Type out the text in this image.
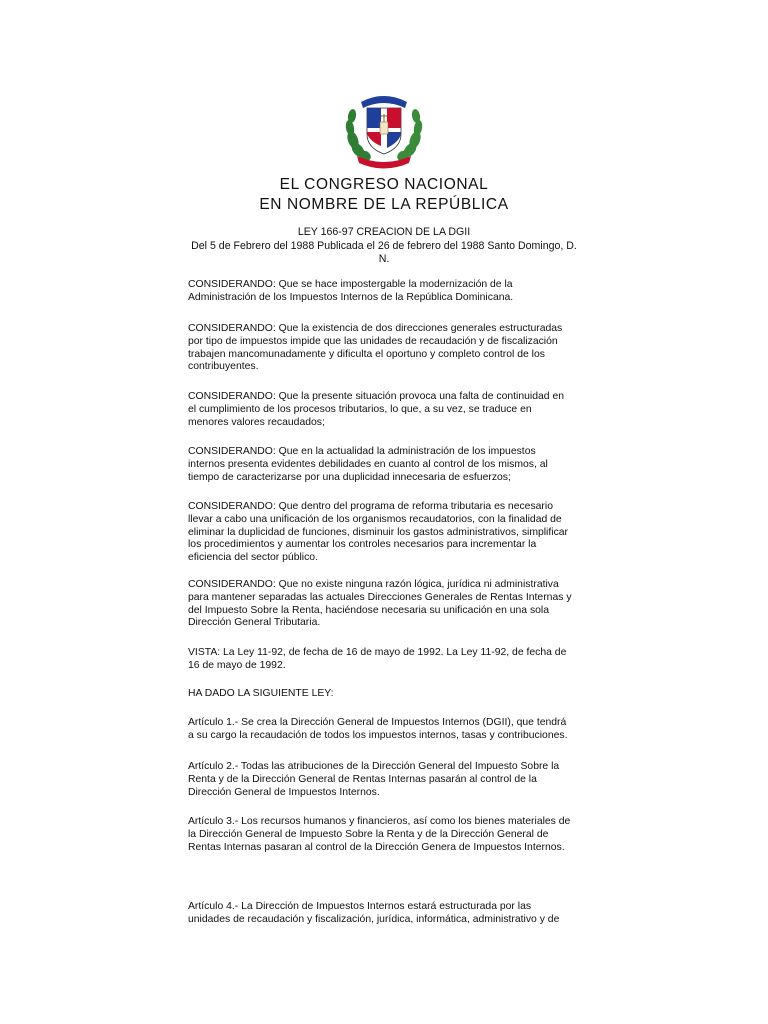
EL CONGRESO NACIONAL
EN NOMBRE DE LA REPÚBLICA
LEY 166-97 CREACION DE LA DGII
Del 5 de Febrero del 1988 Publicada el 26 de febrero del 1988 Santo Domingo, D.
N.
CONSIDERANDO: Que se hace impostergable la modernización de la
Administración de los Impuestos Internos de la República Dominicana.
CONSIDERANDO: Que la existencia de dos direcciones generales estructuradas
por tipo de impuestos impide que las unidades de recaudación y de fiscalización
trabajen mancomunadamente y dificulta el oportuno y completo control de los
contribuyentes.
CONSIDERANDO: Que la presente situación provoca una falta de continuidad en
el cumplimiento de los procesos tributarios, lo que, a su vez, se traduce en
menores valores recaudados;
CONSIDERANDO: Que en la actualidad la administración de los impuestos
internos presenta evidentes debilidades en cuanto al control de los mismos, al
tiempo de caracterizarse por una duplicidad innecesaria de esfuerzos;
CONSIDERANDO: Que dentro del programa de reforma tributaria es necesario
llevar a cabo una unificación de los organismos recaudatorios, con la finalidad de
eliminar la duplicidad de funciones, disminuir los gastos administrativos, simplificar
los procedimientos y aumentar los controles necesarios para incrementar la
eficiencia del sector público.
CONSIDERANDO: Que no existe ninguna razón lógica, jurídica ni administrativa
para mantener separadas las actuales Direcciones Generales de Rentas Internas y
del Impuesto Sobre la Renta, haciéndose necesaria su unificación en una sola
Dirección General Tributaria.
VISTA: La Ley 11-92, de fecha de 16 de mayo de 1992. La Ley 11-92, de fecha de
16 de mayo de 1992.
HA DADO LA SIGUIENTE LEY:
Artículo 1.- Se crea la Dirección General de Impuestos Internos (DGII), que tendrá
a su cargo la recaudación de todos los impuestos internos, tasas y contribuciones.
Artículo 2.- Todas las atribuciones de la Dirección General del Impuesto Sobre la
Renta y de la Dirección General de Rentas Internas pasarán al control de la
Dirección General de Impuestos Internos.
Artículo 3.- Los recursos humanos y financieros, así como los bienes materiales de
la Dirección General de Impuesto Sobre la Renta y de la Dirección General de
Rentas Internas pasaran al control de la Dirección Genera de Impuestos Internos.
Artículo 4.- La Dirección de Impuestos Internos estará estructurada por las
unidades de recaudación y fiscalización, jurídica, informática, administrativo y de
